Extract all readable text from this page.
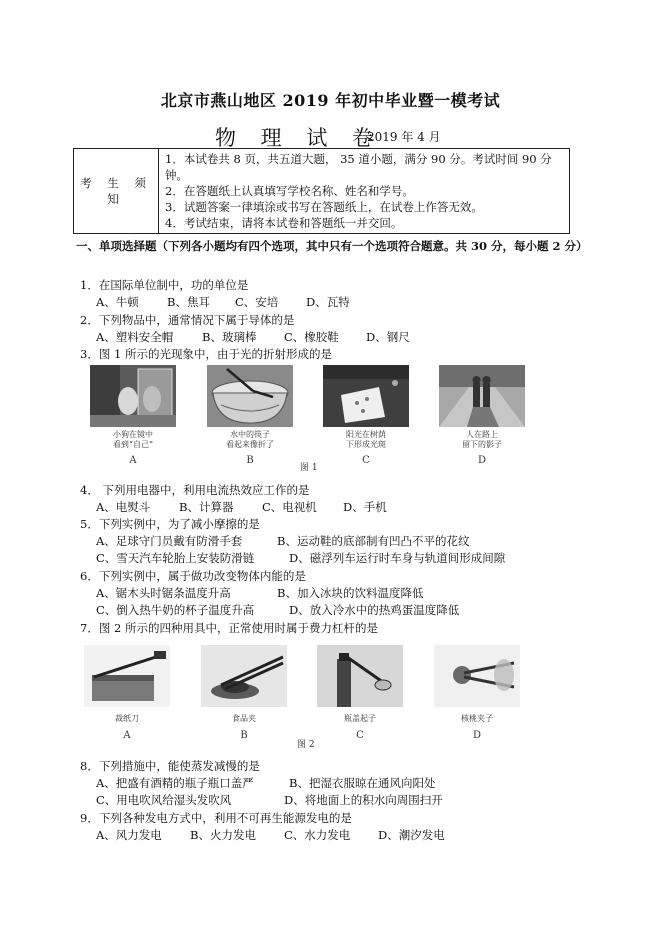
北京市燕山地区 2019 年初中毕业暨一模考试
物 理 试 卷
2019 年 4 月
考 生 须 知	
1．本试卷共 8 页，共五道大题， 35 道小题，满分 90 分。考试时间 90 分钟。
2．在答题纸上认真填写学校名称、姓名和学号。
3．试题答案一律填涂或书写在答题纸上，在试卷上作答无效。
4．考试结束，请将本试卷和答题纸一并交回。
一、单项选择题（下列各小题均有四个选项，其中只有一个选项符合题意。共 30 分，每小题 2 分）
1．在国际单位制中，功的单位是
A、牛顿 B、焦耳 C、安培 D、瓦特
2．下列物品中，通常情况下属于导体的是
A、塑料安全帽 B、玻璃棒 C、橡胶鞋 D、钢尺
3．图 1 所示的光现象中，由于光的折射形成的是
小狗在镜中
看到“自己”
水中的筷子
看起来像折了
阳光在树荫
下形成光斑
人在路上
留下的影子
A	B	C	D
图 1
4． 下列用电器中，利用电流热效应工作的是
A、电熨斗 B、计算器 C、电视机 D、手机
5．下列实例中，为了减小摩擦的是
A、足球守门员戴有防滑手套	B、运动鞋的底部制有凹凸不平的花纹
C、雪天汽车轮胎上安装防滑链	D、磁浮列车运行时车身与轨道间形成间隙
6．下列实例中，属于做功改变物体内能的是
A、锯木头时锯条温度升高	B、加入冰块的饮料温度降低
C、倒入热牛奶的杯子温度升高	D、放入冷水中的热鸡蛋温度降低
7．图 2 所示的四种用具中，正常使用时属于费力杠杆的是
裁纸刀	食品夹	瓶盖起子	核桃夹子
A	B	C	D
图 2
8．下列措施中，能使蒸发减慢的是
A、把盛有酒精的瓶子瓶口盖严	B、把湿衣服晾在通风向阳处
C、用电吹风给湿头发吹风	D、将地面上的积水向周围扫开
9．下列各种发电方式中，利用不可再生能源发电的是
A、风力发电 B、火力发电 C、水力发电 D、潮汐发电
